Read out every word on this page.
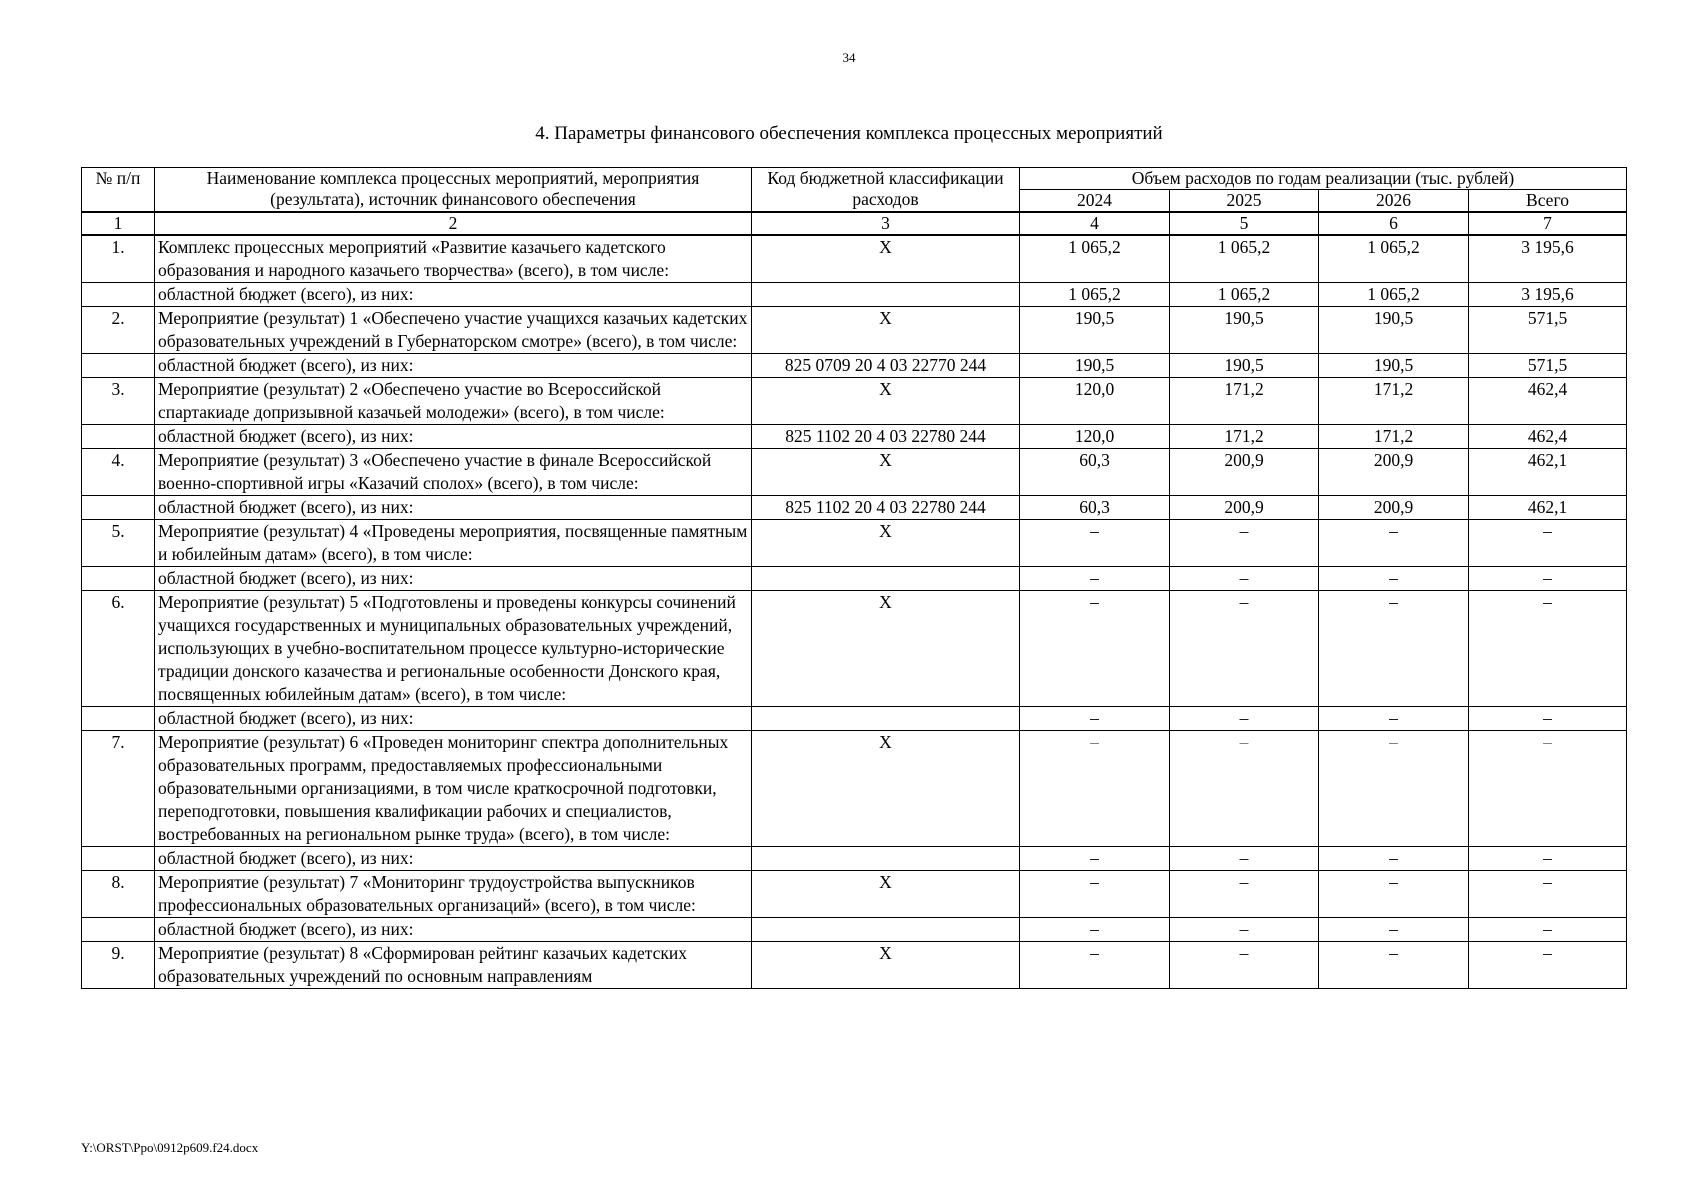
34
4. Параметры финансового обеспечения комплекса процессных мероприятий
№ п/п	Наименование комплекса процессных мероприятий, мероприятия (результата), источник финансового обеспечения	Код бюджетной классификации расходов	Объем расходов по годам реализации (тыс. рублей)			
			2024	2025	2026	Всего
1	2	3	4	5	6	7
1.	Комплекс процессных мероприятий «Развитие казачьего кадетского образования и народного казачьего творчества» (всего), в том числе:	Х	1 065,2	1 065,2	1 065,2	3 195,6
	областной бюджет (всего), из них:		1 065,2	1 065,2	1 065,2	3 195,6
2.	Мероприятие (результат) 1 «Обеспечено участие учащихся казачьих кадетских образовательных учреждений в Губернаторском смотре» (всего), в том числе:	Х	190,5	190,5	190,5	571,5
	областной бюджет (всего), из них:	825 0709 20 4 03 22770 244	190,5	190,5	190,5	571,5
3.	Мероприятие (результат) 2 «Обеспечено участие во Всероссийской спартакиаде допризывной казачьей молодежи» (всего), в том числе:	Х	120,0	171,2	171,2	462,4
	областной бюджет (всего), из них:	825 1102 20 4 03 22780 244	120,0	171,2	171,2	462,4
4.	Мероприятие (результат) 3 «Обеспечено участие в финале Всероссийской военно-спортивной игры «Казачий сполох» (всего), в том числе:	Х	60,3	200,9	200,9	462,1
	областной бюджет (всего), из них:	825 1102 20 4 03 22780 244	60,3	200,9	200,9	462,1
5.	Мероприятие (результат) 4 «Проведены мероприятия, посвященные памятным и юбилейным датам» (всего), в том числе:	Х	–	–	–	–
	областной бюджет (всего), из них:		–	–	–	–
6.	Мероприятие (результат) 5 «Подготовлены и проведены конкурсы сочинений учащихся государственных и муниципальных образовательных учреждений, использующих в учебно-воспитательном процессе культурно-исторические традиции донского казачества и региональные особенности Донского края, посвященных юбилейным датам» (всего), в том числе:	Х	–	–	–	–
	областной бюджет (всего), из них:		–	–	–	–
7.	Мероприятие (результат) 6 «Проведен мониторинг спектра дополнительных образовательных программ, предоставляемых профессиональными образовательными организациями, в том числе краткосрочной подготовки, переподготовки, повышения квалификации рабочих и специалистов, востребованных на региональном рынке труда» (всего), в том числе:	Х	–	–	–	–
	областной бюджет (всего), из них:		–	–	–	–
8.	Мероприятие (результат) 7 «Мониторинг трудоустройства выпускников профессиональных образовательных организаций» (всего), в том числе:	Х	–	–	–	–
	областной бюджет (всего), из них:		–	–	–	–
9.	Мероприятие (результат) 8 «Сформирован рейтинг казачьих кадетских образовательных учреждений по основным направлениям	Х	–	–	–	–
Y:\ORST\Ppo\0912p609.f24.docx
